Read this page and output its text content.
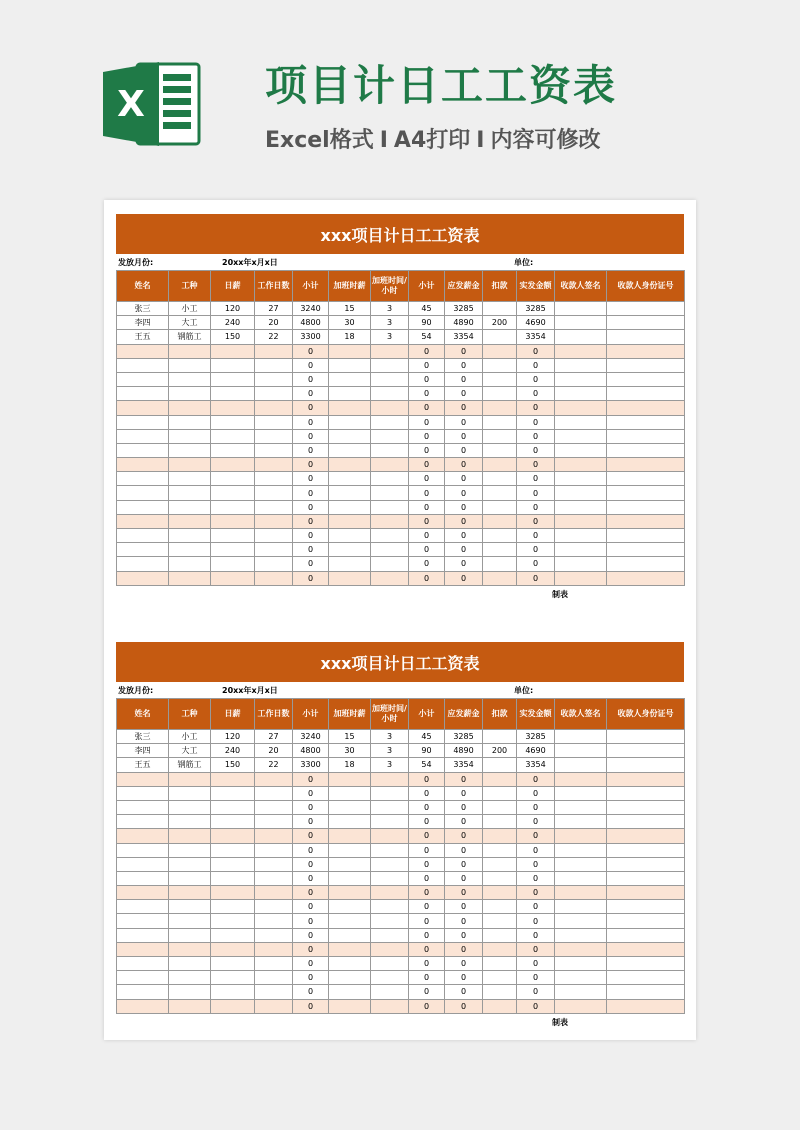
X	项目计日工工资表
Excel格式 I A4打印 I 内容可修改
xxx项目计日工工资表
发放月份:	20xx年x月x日	单位:
姓名	工种	日薪	工作日数	小计	加班时薪	加班时间/小时	小计	应发薪金	扣款	实发金额	收款人签名	收款人身份证号
张三	小工	120	27	3240	15	3	45	3285		3285		
李四	大工	240	20	4800	30	3	90	4890	200	4690		
王五	钢筋工	150	22	3300	18	3	54	3354		3354		
				0			0	0		0		
				0			0	0		0		
				0			0	0		0		
				0			0	0		0		
				0			0	0		0		
				0			0	0		0		
				0			0	0		0		
				0			0	0		0		
				0			0	0		0		
				0			0	0		0		
				0			0	0		0		
				0			0	0		0		
				0			0	0		0		
				0			0	0		0		
				0			0	0		0		
				0			0	0		0		
				0			0	0		0		
制表
xxx项目计日工工资表
发放月份:	20xx年x月x日	单位:
姓名	工种	日薪	工作日数	小计	加班时薪	加班时间/小时	小计	应发薪金	扣款	实发金额	收款人签名	收款人身份证号
张三	小工	120	27	3240	15	3	45	3285		3285		
李四	大工	240	20	4800	30	3	90	4890	200	4690		
王五	钢筋工	150	22	3300	18	3	54	3354		3354		
				0			0	0		0		
				0			0	0		0		
				0			0	0		0		
				0			0	0		0		
				0			0	0		0		
				0			0	0		0		
				0			0	0		0		
				0			0	0		0		
				0			0	0		0		
				0			0	0		0		
				0			0	0		0		
				0			0	0		0		
				0			0	0		0		
				0			0	0		0		
				0			0	0		0		
				0			0	0		0		
				0			0	0		0		
制表
